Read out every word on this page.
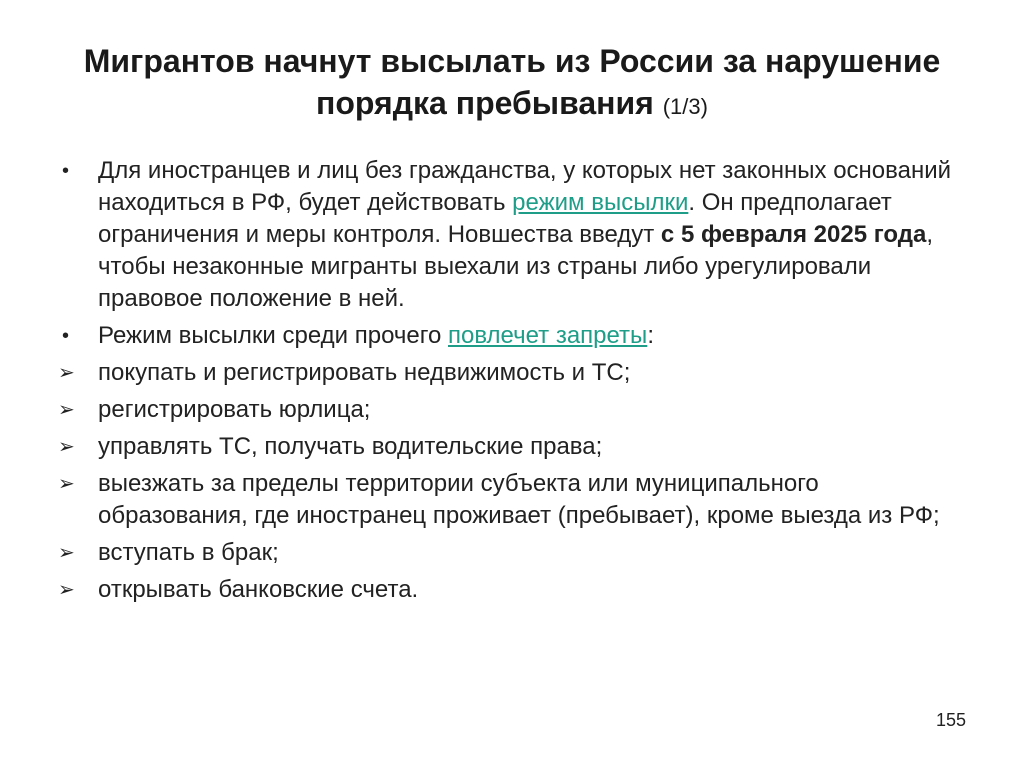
Мигрантов начнут высылать из России за нарушение порядка пребывания (1/3)
•	Для иностранцев и лиц без гражданства, у которых нет законных оснований находиться в РФ, будет действовать режим высылки. Он предполагает ограничения и меры контроля. Новшества введут с 5 февраля 2025 года, чтобы незаконные мигранты выехали из страны либо урегулировали правовое положение в ней.
•	Режим высылки среди прочего повлечет запреты:
➢ покупать и регистрировать недвижимость и ТС;
➢ регистрировать юрлица;
➢ управлять ТС, получать водительские права;
➢ выезжать за пределы территории субъекта или муниципального образования, где иностранец проживает (пребывает), кроме выезда из РФ;
➢ вступать в брак;
➢ открывать банковские счета.
155
